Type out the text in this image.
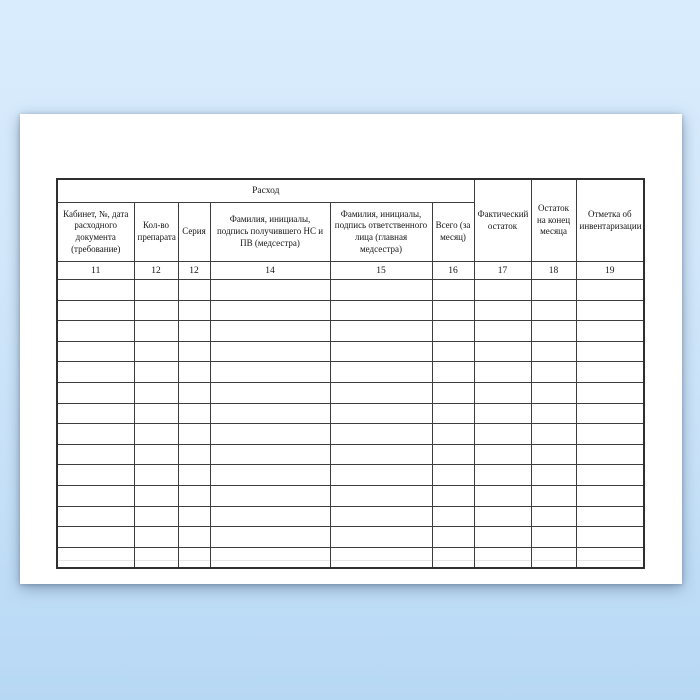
Расход						Фактический остаток	Остаток на конец месяца	Отметка об инвентаризации
Кабинет, №, дата расходного документа (требование)	Кол-во препарата	Серия	Фамилия, инициалы, подпись получившего НС и ПВ (медсестра)	Фамилия, инициалы, подпись ответственного лица (главная медсестра)	Всего (за месяц)			
11	12	12	14	15	16	17	18	19
